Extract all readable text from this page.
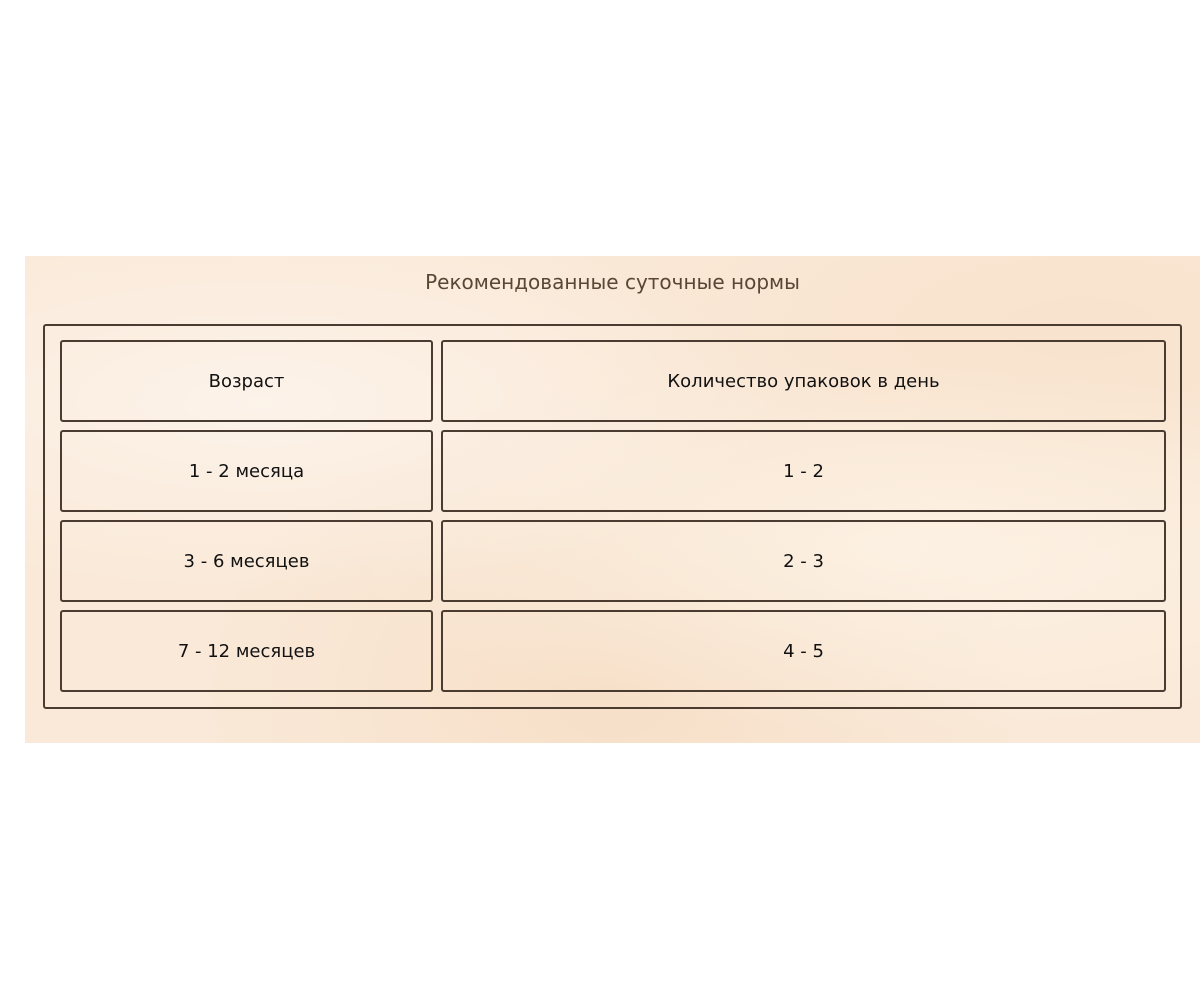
Рекомендованные суточные нормы
Возраст	Количество упаковок в день
1 - 2 месяца	1 - 2
3 - 6 месяцев	2 - 3
7 - 12 месяцев	4 - 5
